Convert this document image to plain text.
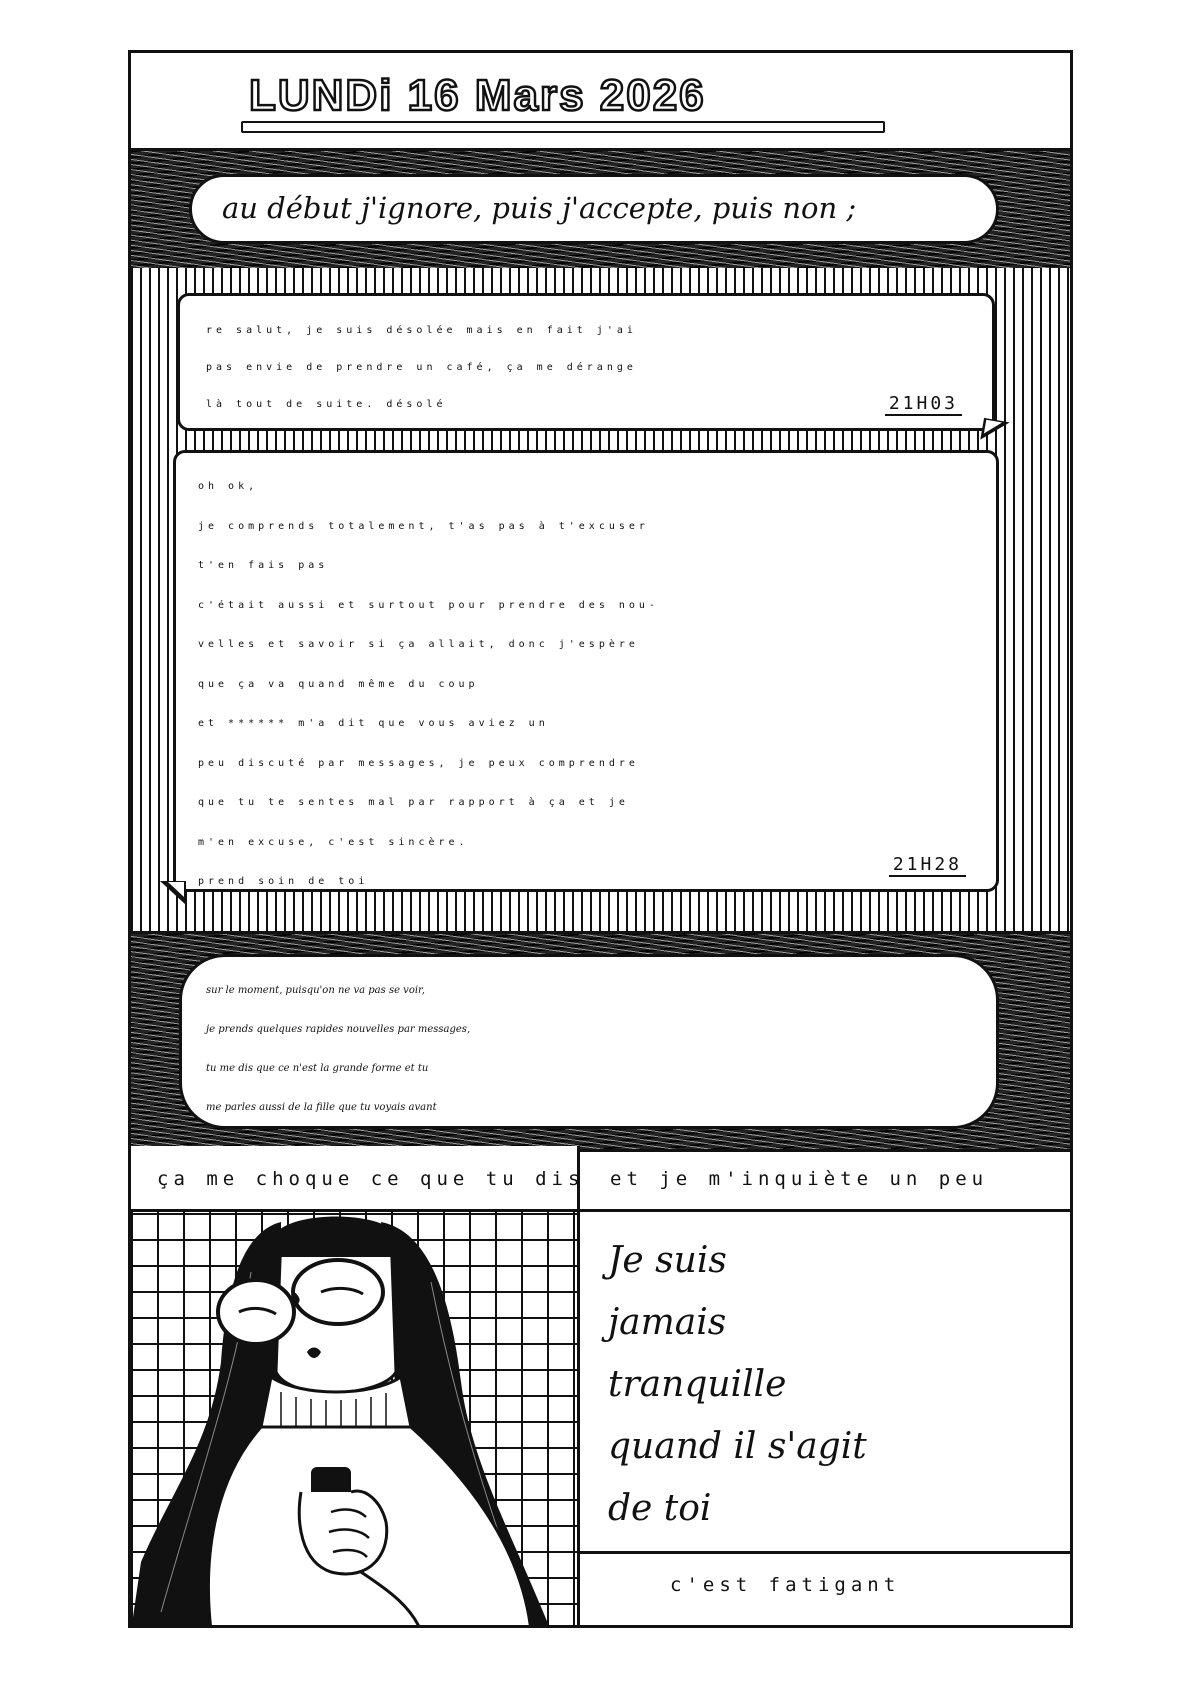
LUNDi 16 Mars 2026
au début j'ignore, puis j'accepte, puis non ;
re salut, je suis désolée mais en fait j'ai
pas envie de prendre un café, ça me dérange
là tout de suite. désolé	21H03
oh ok,
je comprends totalement, t'as pas à t'excuser
t'en fais pas
c'était aussi et surtout pour prendre des nou-
velles et savoir si ça allait, donc j'espère
que ça va quand même du coup
et ****** m'a dit que vous aviez un
peu discuté par messages, je peux comprendre
que tu te sentes mal par rapport à ça et je
m'en excuse, c'est sincère.
prend soin de toi
21H28
sur le moment, puisqu'on ne va pas se voir,
je prends quelques rapides nouvelles par messages,
tu me dis que ce n'est la grande forme et tu
me parles aussi de la fille que tu voyais avant
ça me choque ce que tu dis et je m'inquiète un peu
Je suis
jamais
tranquille
quand il s'agit
de toi
c'est fatigant
